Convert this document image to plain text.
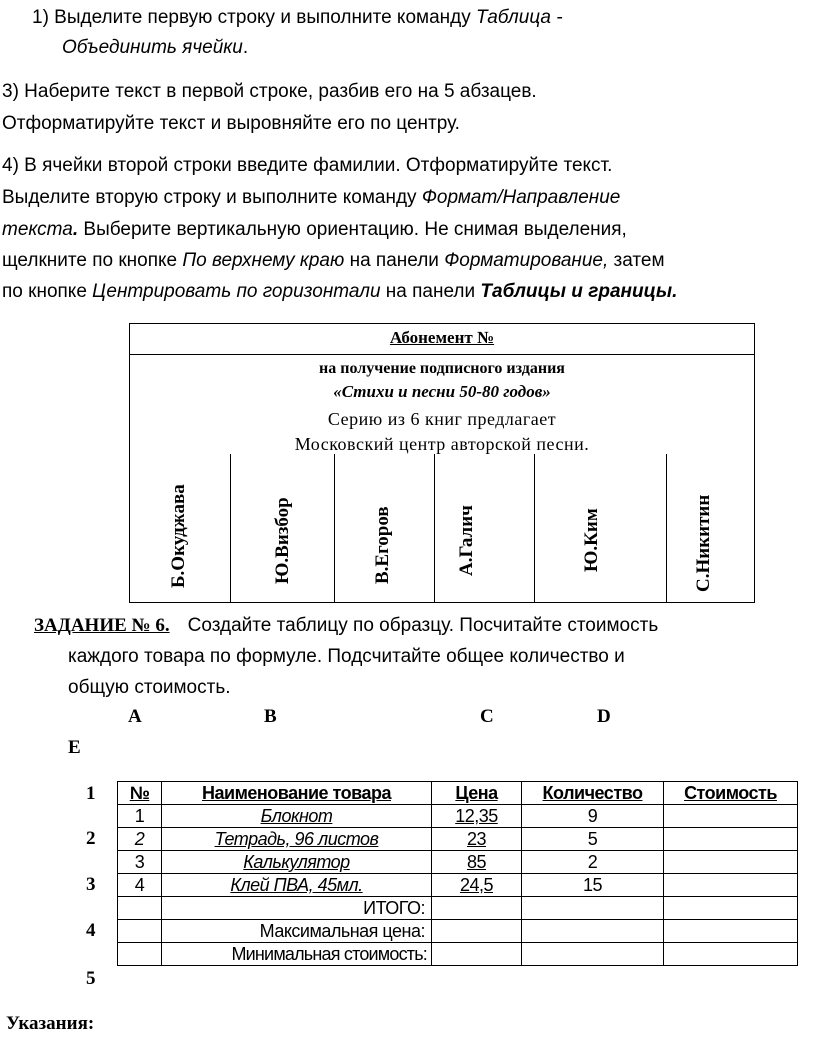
1) Выделите первую строку и выполните команду Таблица -
Объединить ячейки.
3) Наберите текст в первой строке, разбив его на 5 абзацев.
Отформатируйте текст и выровняйте его по центру.
4) В ячейки второй строки введите фамилии. Отформатируйте текст.
Выделите вторую строку и выполните команду Формат/Направление
текста. Выберите вертикальную ориентацию. Не снимая выделения,
щелкните по кнопке По верхнему краю на панели Форматирование, затем
по кнопке Центрировать по горизонтали на панели Таблицы и границы.
Абонемент №
на получение подписного издания
«Стихи и песни 50-80 годов»
Серию из 6 книг предлагает
Московский центр авторской песни.
Б.Окуджава	Ю.Визбор	В.Егоров	А.Галич	Ю.Ким	С.Никитин
ЗАДАНИЕ № 6. Создайте таблицу по образцу. Посчитайте стоимость
каждого товара по формуле. Подсчитайте общее количество и
общую стоимость.
A	B	C	D
E
1
2
3
4
5
№	Наименование товара	Цена	Количество	Стоимость
1	Блокнот	12,35	9	
2	Тетрадь, 96 листов	23	5	
3	Калькулятор	85	2	
4	Клей ПВА, 45мл.	24,5	15	
	ИТОГО:			
	Максимальная цена:			
	Минимальная стоимость:			
Указания:
